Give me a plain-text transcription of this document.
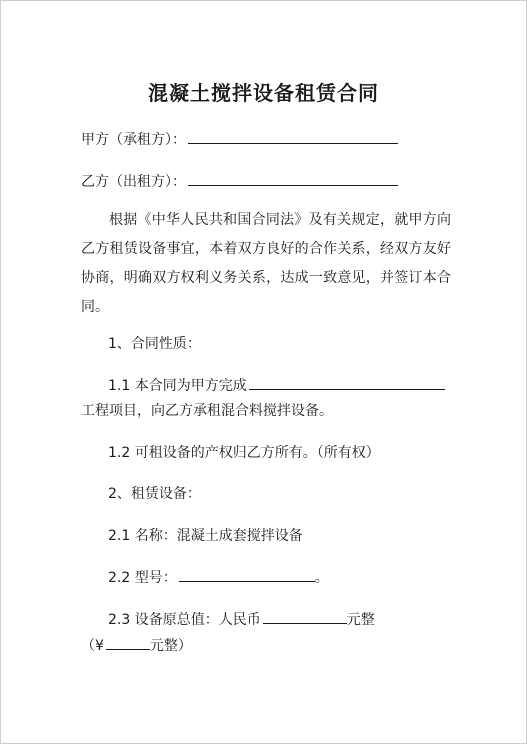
混凝土搅拌设备租赁合同
甲方（承租方）：
乙方（出租方）：
根据《中华人民共和国合同法》及有关规定，就甲方向乙方租赁设备事宜，本着双方良好的合作关系，经双方友好协商，明确双方权利义务关系，达成一致意见，并签订本合同。
1、合同性质：
1.1 本合同为甲方完成
工程项目，向乙方承租混合料搅拌设备。
1.2 可租设备的产权归乙方所有。（所有权）
2、租赁设备：
2.1 名称：混凝土成套搅拌设备
2.2 型号：	。
2.3 设备原总值：人民币	元整
（¥	元整）
